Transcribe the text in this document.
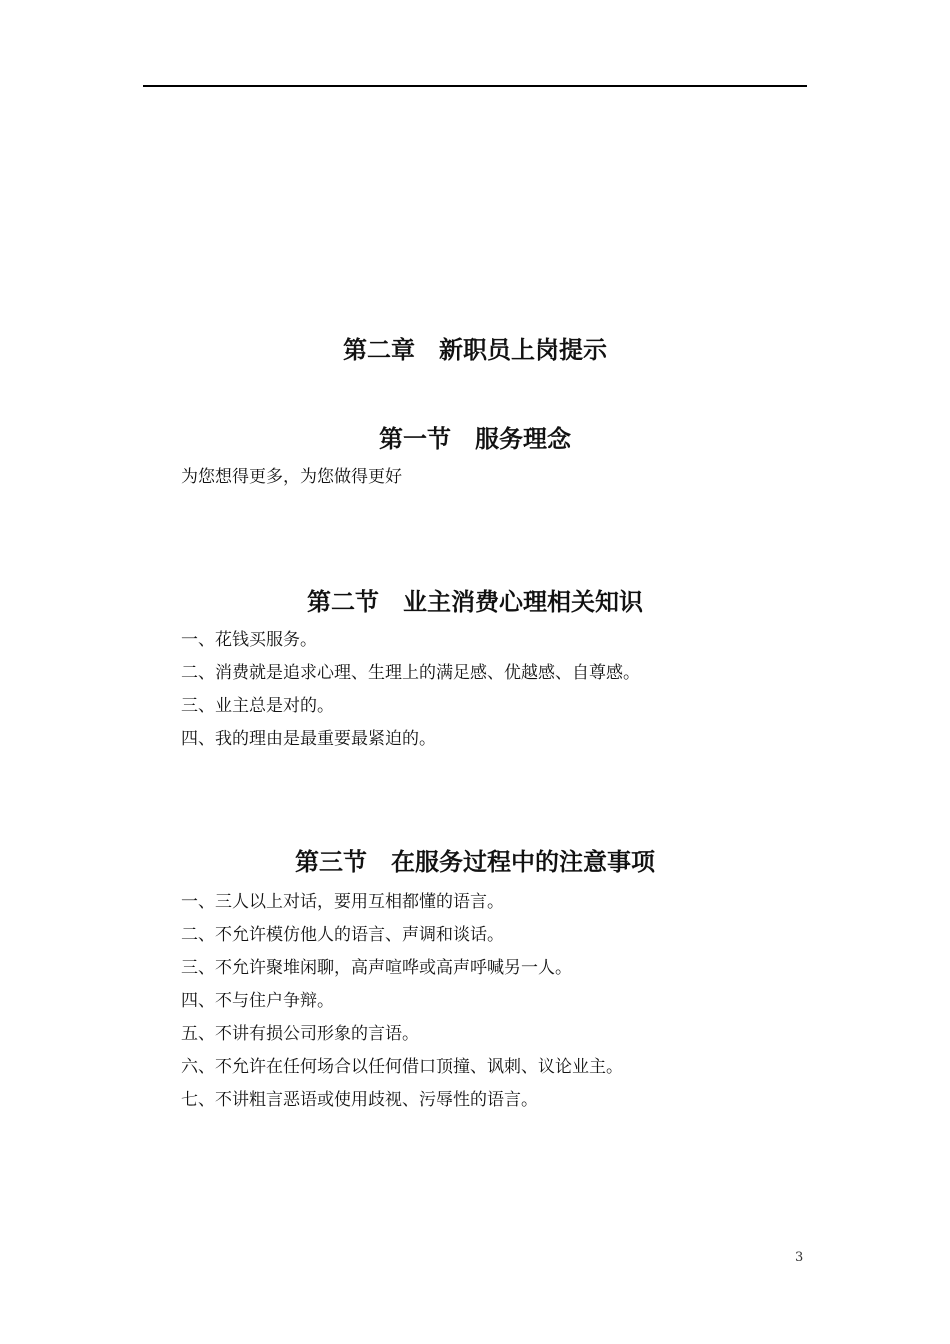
第二章　新职员上岗提示
第一节　服务理念
为您想得更多，为您做得更好
第二节　业主消费心理相关知识
一、花钱买服务。
二、消费就是追求心理、生理上的满足感、优越感、自尊感。
三、业主总是对的。
四、我的理由是最重要最紧迫的。
第三节　在服务过程中的注意事项
一、三人以上对话，要用互相都懂的语言。
二、不允许模仿他人的语言、声调和谈话。
三、不允许聚堆闲聊，高声喧哗或高声呼喊另一人。
四、不与住户争辩。
五、不讲有损公司形象的言语。
六、不允许在任何场合以任何借口顶撞、讽刺、议论业主。
七、不讲粗言恶语或使用歧视、污辱性的语言。
3
